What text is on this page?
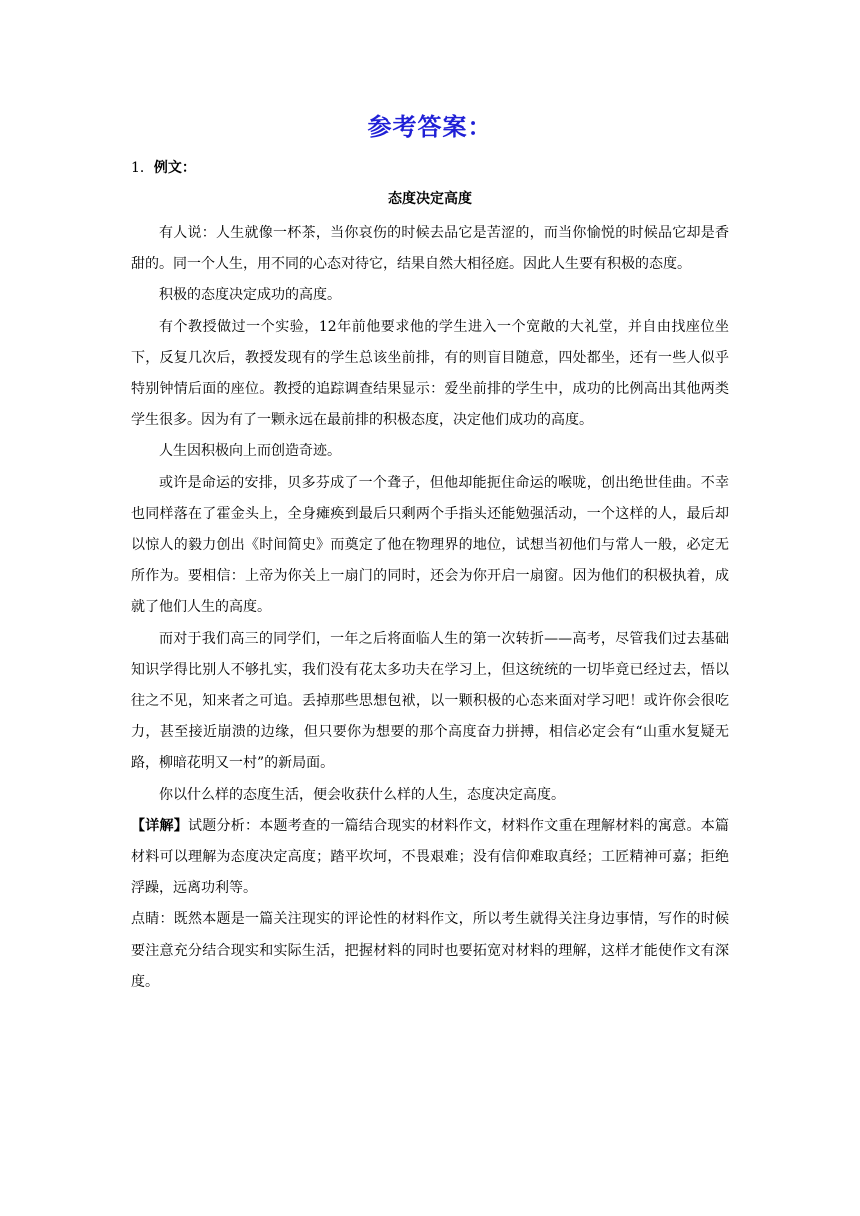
参考答案：
1．例文：
态度决定高度

有人说：人生就像一杯茶，当你哀伤的时候去品它是苦涩的，而当你愉悦的时候品它却是香甜的。同一个人生，用不同的心态对待它，结果自然大相径庭。因此人生要有积极的态度。

积极的态度决定成功的高度。

有个教授做过一个实验，12年前他要求他的学生进入一个宽敞的大礼堂，并自由找座位坐下，反复几次后，教授发现有的学生总该坐前排，有的则盲目随意，四处都坐，还有一些人似乎特别钟情后面的座位。教授的追踪调查结果显示：爱坐前排的学生中，成功的比例高出其他两类学生很多。因为有了一颗永远在最前排的积极态度，决定他们成功的高度。

人生因积极向上而创造奇迹。

或许是命运的安排，贝多芬成了一个聋子，但他却能扼住命运的喉咙，创出绝世佳曲。不幸也同样落在了霍金头上，全身瘫痪到最后只剩两个手指头还能勉强活动，一个这样的人，最后却以惊人的毅力创出《时间简史》而奠定了他在物理界的地位，试想当初他们与常人一般，必定无所作为。要相信：上帝为你关上一扇门的同时，还会为你开启一扇窗。因为他们的积极执着，成就了他们人生的高度。

而对于我们高三的同学们，一年之后将面临人生的第一次转折——高考，尽管我们过去基础知识学得比别人不够扎实，我们没有花太多功夫在学习上，但这统统的一切毕竟已经过去，悟以往之不见，知来者之可追。丢掉那些思想包袱，以一颗积极的心态来面对学习吧！或许你会很吃力，甚至接近崩溃的边缘，但只要你为想要的那个高度奋力拼搏，相信必定会有“山重水复疑无路，柳暗花明又一村”的新局面。

你以什么样的态度生活，便会收获什么样的人生，态度决定高度。

【详解】试题分析：本题考查的一篇结合现实的材料作文，材料作文重在理解材料的寓意。本篇材料可以理解为态度决定高度；踏平坎坷，不畏艰难；没有信仰难取真经；工匠精神可嘉；拒绝浮躁，远离功利等。

点睛：既然本题是一篇关注现实的评论性的材料作文，所以考生就得关注身边事情，写作的时候要注意充分结合现实和实际生活，把握材料的同时也要拓宽对材料的理解，这样才能使作文有深度。
